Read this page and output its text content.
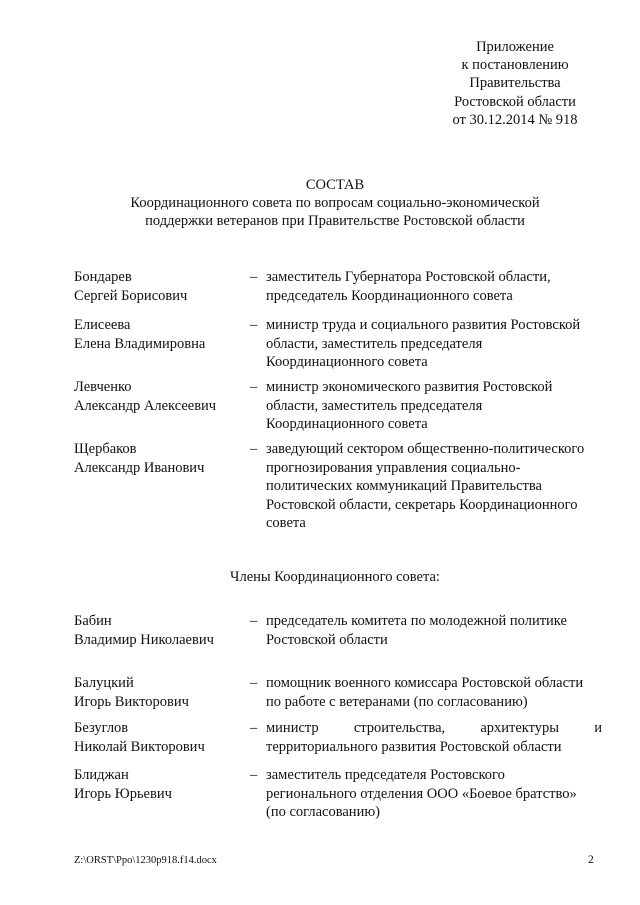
Приложение
к постановлению
Правительства
Ростовской области
от 30.12.2014 № 918
СОСТАВ
Координационного совета по вопросам социально-экономической
поддержки ветеранов при Правительстве Ростовской области
Бондарев
Сергей Борисович
– заместитель Губернатора Ростовской области,
председатель Координационного совета
Елисеева
Елена Владимировна
– министр труда и социального развития Ростовской
области, заместитель председателя
Координационного совета
Левченко
Александр Алексеевич
– министр экономического развития Ростовской
области, заместитель председателя
Координационного совета
Щербаков
Александр Иванович
– заведующий сектором общественно-политического
прогнозирования управления социально-
политических коммуникаций Правительства
Ростовской области, секретарь Координационного
совета
Члены Координационного совета:
Бабин
Владимир Николаевич
– председатель комитета по молодежной политике
Ростовской области
Балуцкий
Игорь Викторович
– помощник военного комиссара Ростовской области
по работе с ветеранами (по согласованию)
Безуглов
Николай Викторович
– министр строительства, архитектуры и
территориального развития Ростовской области
Блиджан
Игорь Юрьевич
– заместитель председателя Ростовского
регионального отделения ООО «Боевое братство»
(по согласованию)
Z:\ORST\Ppo\1230p918.f14.docx	2
